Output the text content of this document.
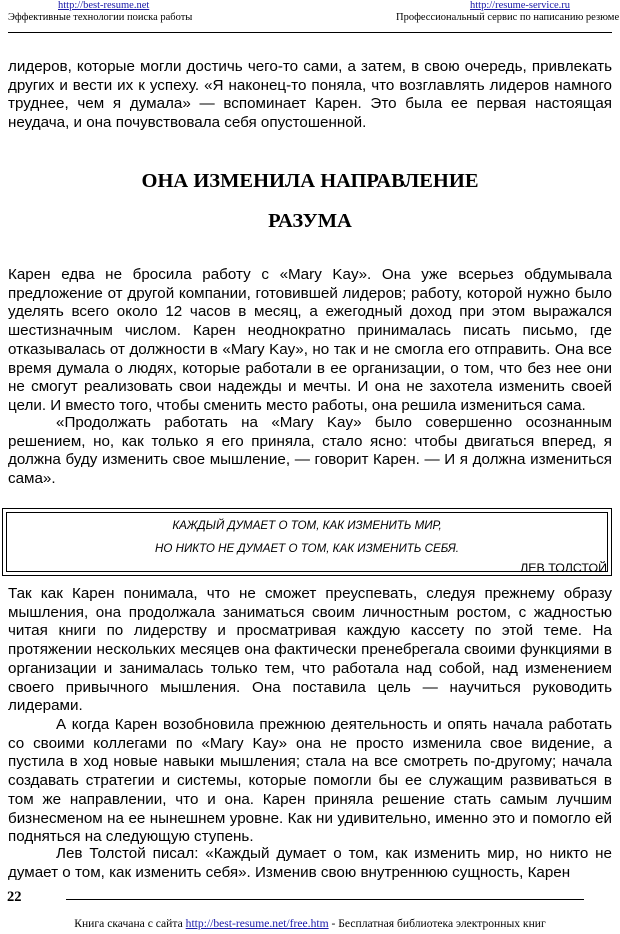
http://best-resume.net
Эффективные технологии поиска работы
http://resume-service.ru
Профессиональный сервис по написанию резюме

лидеров, которые могли достичь чего-то сами, а затем, в свою очередь, привлекать других и вести их к успеху. «Я наконец-то поняла, что возглавлять лидеров намного труднее, чем я думала» — вспоминает Карен. Это была ее первая настоящая неудача, и она почувствовала себя опустошенной.

ОНА ИЗМЕНИЛА НАПРАВЛЕНИЕ
РАЗУМА

Карен едва не бросила работу с «Mary Kay». Она уже всерьез обдумывала предложение от другой компании, готовившей лидеров; работу, которой нужно было уделять всего около 12 часов в месяц, а ежегодный доход при этом выражался шестизначным числом. Карен неоднократно принималась писать письмо, где отказывалась от должности в «Mary Kay», но так и не смогла его отправить. Она все время думала о людях, которые работали в ее организации, о том, что без нее они не смогут реализовать свои надежды и мечты. И она не захотела изменить своей цели. И вместо того, чтобы сменить место работы, она решила измениться сама.

«Продолжать работать на «Mary Kay» было совершенно осознанным решением, но, как только я его приняла, стало ясно: чтобы двигаться вперед, я должна буду изменить свое мышление, — говорит Карен. — И я должна измениться сама».

КАЖДЫЙ ДУМАЕТ О ТОМ, КАК ИЗМЕНИТЬ МИР,

НО НИКТО НЕ ДУМАЕТ О ТОМ, КАК ИЗМЕНИТЬ СЕБЯ.

ЛЕВ ТОЛСТОЙ

Так как Карен понимала, что не сможет преуспевать, следуя прежнему образу мышления, она продолжала заниматься своим личностным ростом, с жадностью читая книги по лидерству и просматривая каждую кассету по этой теме. На протяжении нескольких месяцев она фактически пренебрегала своими функциями в организации и занималась только тем, что работала над собой, над изменением своего привычного мышления. Она поставила цель — научиться руководить лидерами.

А когда Карен возобновила прежнюю деятельность и опять начала работать со своими коллегами по «Mary Kay» она не просто изменила свое видение, а пустила в ход новые навыки мышления; стала на все смотреть по-другому; начала создавать стратегии и системы, которые помогли бы ее служащим развиваться в том же направлении, что и она. Карен приняла решение стать самым лучшим бизнесменом на ее нынешнем уровне. Как ни удивительно, именно это и помогло ей подняться на следующую ступень.

Лев Толстой писал: «Каждый думает о том, как изменить мир, но никто не думает о том, как изменить себя». Изменив свою внутреннюю сущность, Карен

22
Книга скачана с сайта http://best-resume.net/free.htm - Бесплатная библиотека электронных книг
